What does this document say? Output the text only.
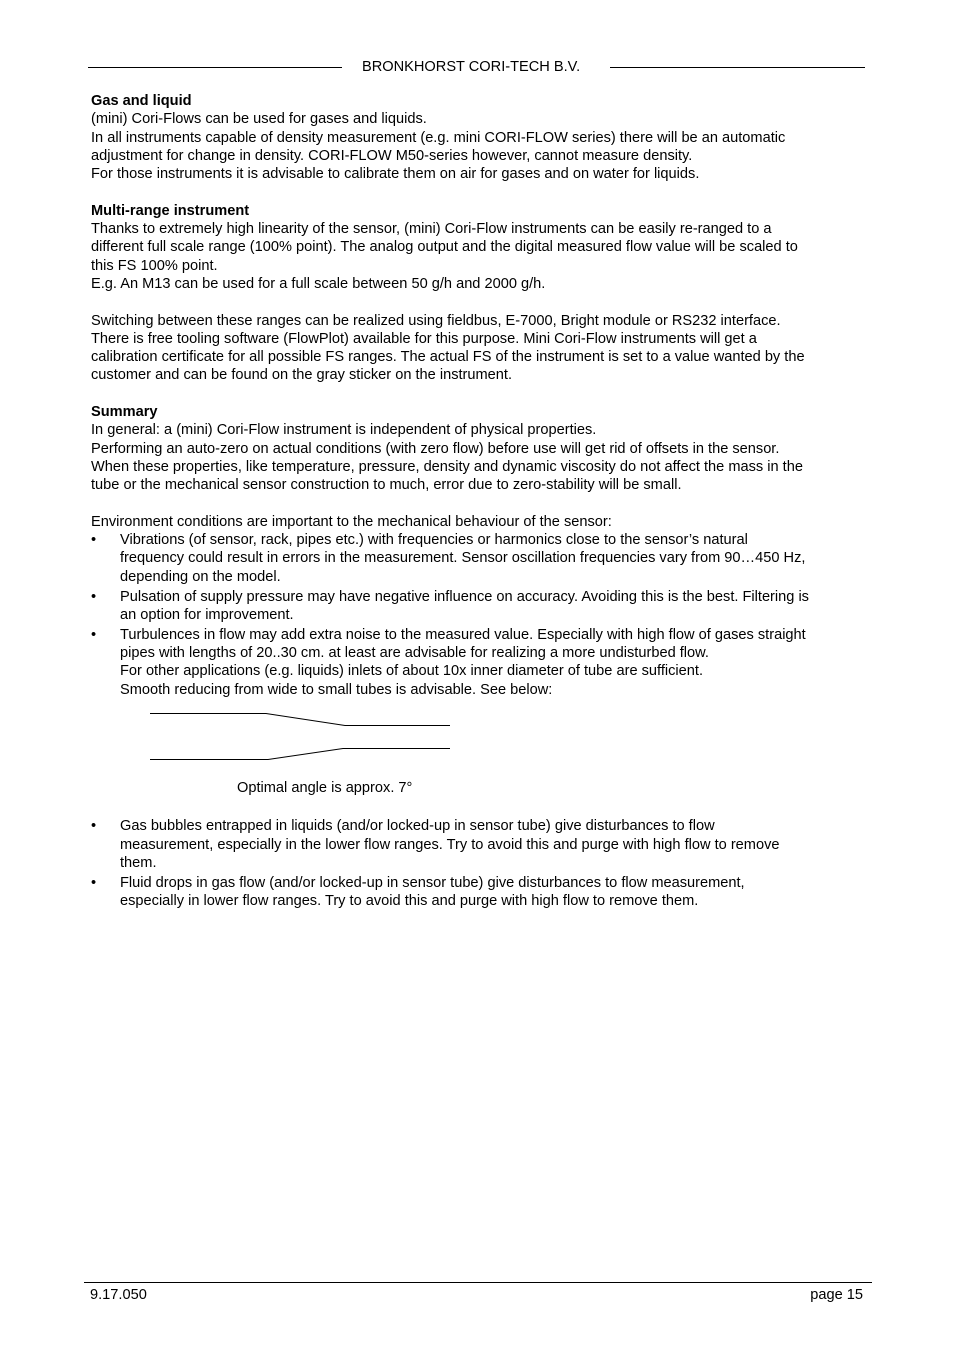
BRONKHORST CORI-TECH B.V.

Gas and liquid

(mini) Cori-Flows can be used for gases and liquids.

In all instruments capable of density measurement (e.g. mini CORI-FLOW series) there will be an automatic

adjustment for change in density. CORI-FLOW M50-series however, cannot measure density.

For those instruments it is advisable to calibrate them on air for gases and on water for liquids.

Multi-range instrument

Thanks to extremely high linearity of the sensor, (mini) Cori-Flow instruments can be easily re-ranged to a

different full scale range (100% point). The analog output and the digital measured flow value will be scaled to

this FS 100% point.

E.g. An M13 can be used for a full scale between 50 g/h and 2000 g/h.

Switching between these ranges can be realized using fieldbus, E-7000, Bright module or RS232 interface.

There is free tooling software (FlowPlot) available for this purpose. Mini Cori-Flow instruments will get a

calibration certificate for all possible FS ranges. The actual FS of the instrument is set to a value wanted by the

customer and can be found on the gray sticker on the instrument.

Summary

In general: a (mini) Cori-Flow instrument is independent of physical properties.

Performing an auto-zero on actual conditions (with zero flow) before use will get rid of offsets in the sensor.

When these properties, like temperature, pressure, density and dynamic viscosity do not affect the mass in the

tube or the mechanical sensor construction to much, error due to zero-stability will be small.

Environment conditions are important to the mechanical behaviour of the sensor:

• Vibrations (of sensor, rack, pipes etc.) with frequencies or harmonics close to the sensor’s natural

frequency could result in errors in the measurement. Sensor oscillation frequencies vary from 90…450 Hz,

depending on the model.

• Pulsation of supply pressure may have negative influence on accuracy. Avoiding this is the best. Filtering is

an option for improvement.

• Turbulences in flow may add extra noise to the measured value. Especially with high flow of gases straight

pipes with lengths of 20..30 cm. at least are advisable for realizing a more undisturbed flow.

For other applications (e.g. liquids) inlets of about 10x inner diameter of tube are sufficient.

Smooth reducing from wide to small tubes is advisable. See below:

Optimal angle is approx. 7°
• Gas bubbles entrapped in liquids (and/or locked-up in sensor tube) give disturbances to flow

measurement, especially in the lower flow ranges. Try to avoid this and purge with high flow to remove

them.

• Fluid drops in gas flow (and/or locked-up in sensor tube) give disturbances to flow measurement,

especially in lower flow ranges. Try to avoid this and purge with high flow to remove them.

9.17.050	page 15
